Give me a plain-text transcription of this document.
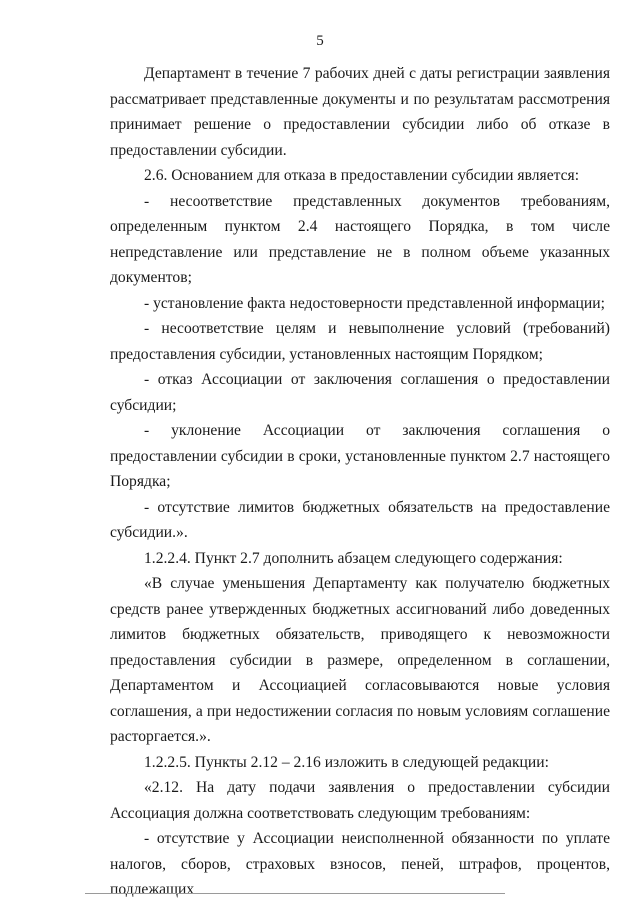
5

Департамент в течение 7 рабочих дней с даты регистрации заявления рассматривает представленные документы и по результатам рассмотрения принимает решение о предоставлении субсидии либо об отказе в предоставлении субсидии.

2.6. Основанием для отказа в предоставлении субсидии является:

- несоответствие представленных документов требованиям, определенным пунктом 2.4 настоящего Порядка, в том числе непредставление или представление не в полном объеме указанных документов;

- установление факта недостоверности представленной информации;

- несоответствие целям и невыполнение условий (требований) предоставления субсидии, установленных настоящим Порядком;

- отказ Ассоциации от заключения соглашения о предоставлении субсидии;

- уклонение Ассоциации от заключения соглашения о предоставлении субсидии в сроки, установленные пунктом 2.7 настоящего Порядка;

- отсутствие лимитов бюджетных обязательств на предоставление субсидии.».

1.2.2.4. Пункт 2.7 дополнить абзацем следующего содержания:

«В случае уменьшения Департаменту как получателю бюджетных средств ранее утвержденных бюджетных ассигнований либо доведенных лимитов бюджетных обязательств, приводящего к невозможности предоставления субсидии в размере, определенном в соглашении, Департаментом и Ассоциацией согласовываются новые условия соглашения, а при недостижении согласия по новым условиям соглашение расторгается.».

1.2.2.5. Пункты 2.12 – 2.16 изложить в следующей редакции:

«2.12. На дату подачи заявления о предоставлении субсидии Ассоциация должна соответствовать следующим требованиям:

- отсутствие у Ассоциации неисполненной обязанности по уплате налогов, сборов, страховых взносов, пеней, штрафов, процентов, подлежащих
